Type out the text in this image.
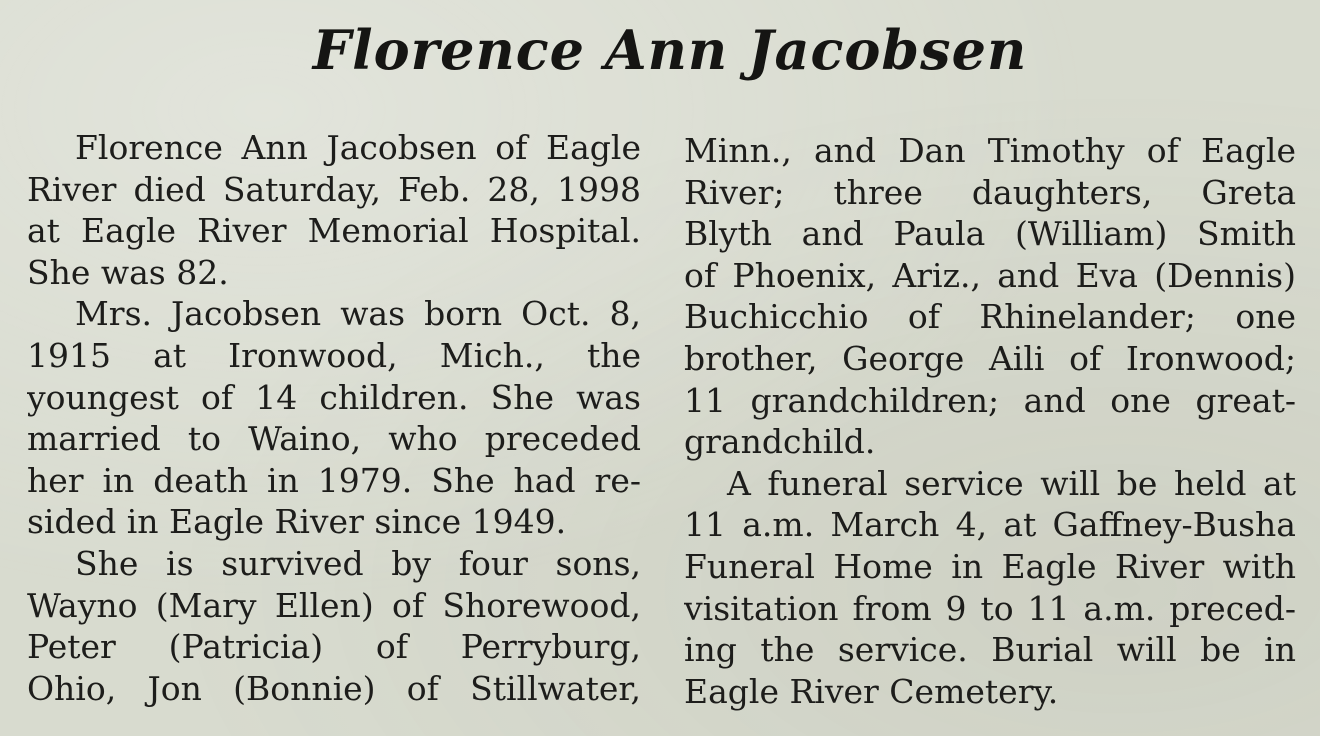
Florence Ann Jacobsen
Florence Ann Jacobsen of Eagle
River died Saturday, Feb. 28, 1998
at Eagle River Memorial Hospital.
She was 82.
Mrs. Jacobsen was born Oct. 8,
1915 at Ironwood, Mich., the
youngest of 14 children. She was
married to Waino, who preceded
her in death in 1979. She had re-
sided in Eagle River since 1949.
She is survived by four sons,
Wayno (Mary Ellen) of Shorewood,
Peter (Patricia) of Perryburg,
Ohio, Jon (Bonnie) of Stillwater,
Minn., and Dan Timothy of Eagle
River; three daughters, Greta
Blyth and Paula (William) Smith
of Phoenix, Ariz., and Eva (Dennis)
Buchicchio of Rhinelander; one
brother, George Aili of Ironwood;
11 grandchildren; and one great-
grandchild.
A funeral service will be held at
11 a.m. March 4, at Gaffney-Busha
Funeral Home in Eagle River with
visitation from 9 to 11 a.m. preced-
ing the service. Burial will be in
Eagle River Cemetery.
